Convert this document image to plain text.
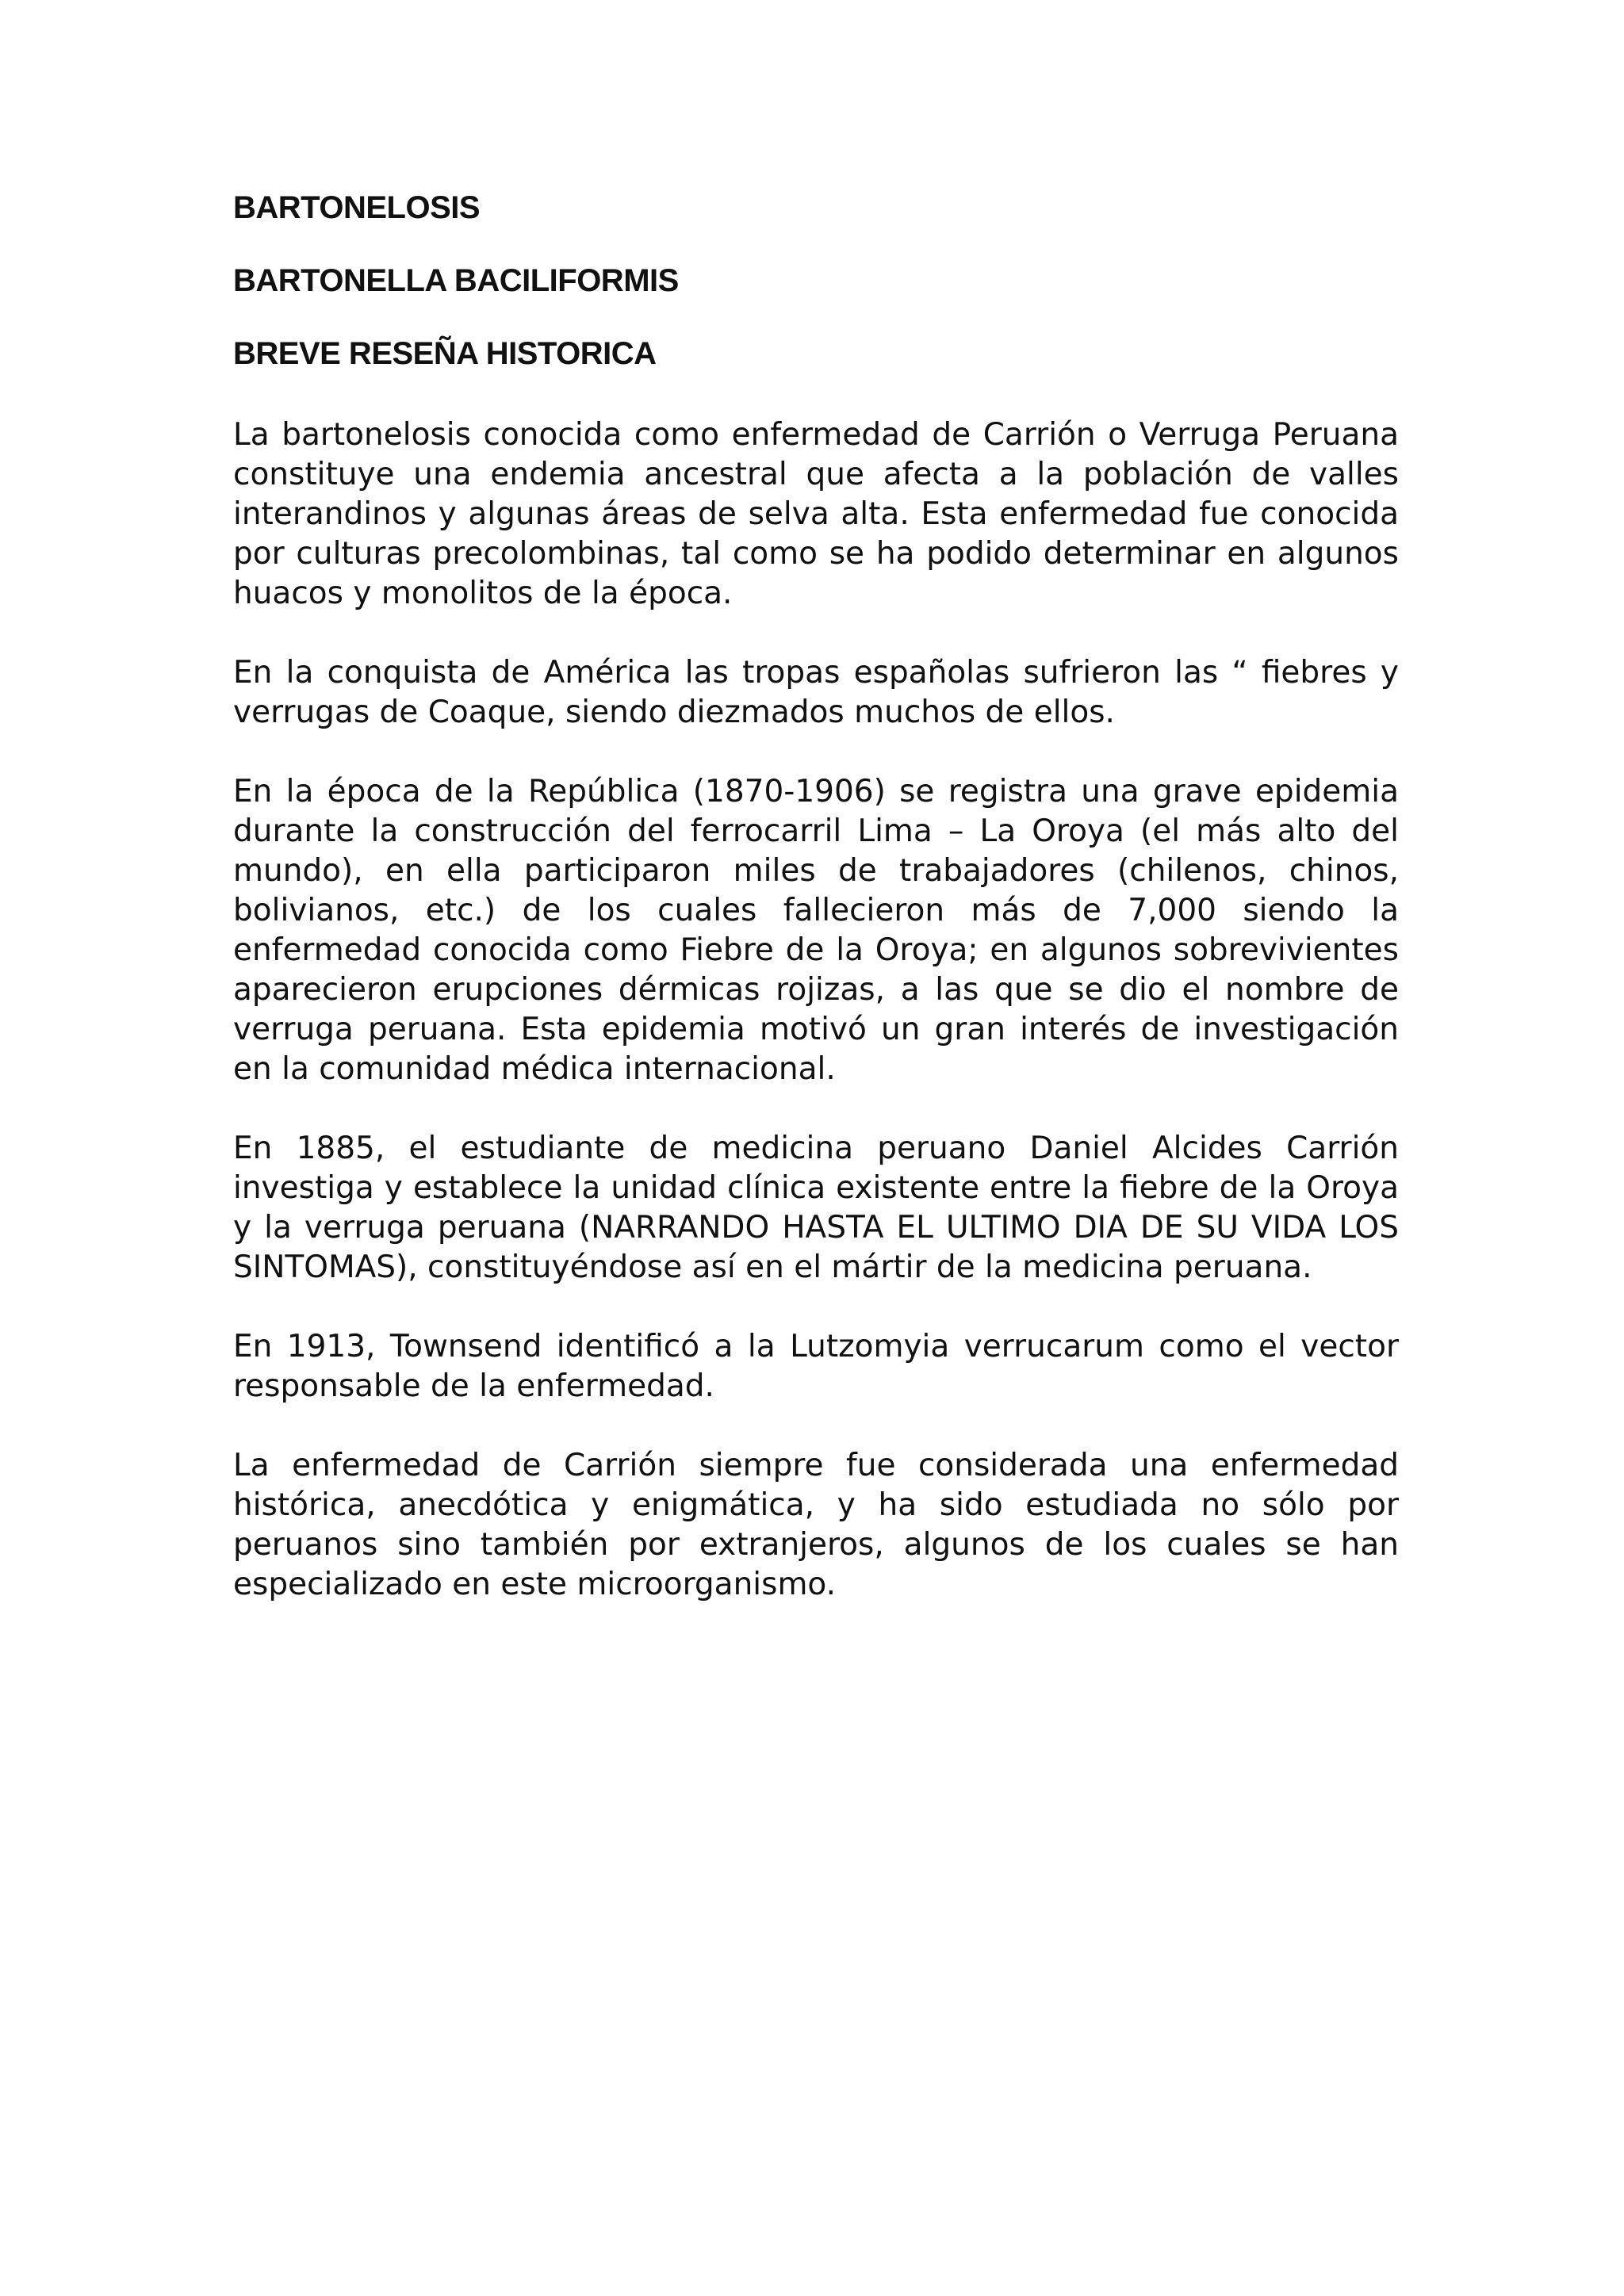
BARTONELOSIS
BARTONELLA BACILIFORMIS
BREVE RESEÑA HISTORICA

La bartonelosis conocida como enfermedad de Carrión o Verruga Peruana constituye una endemia ancestral que afecta a la población de valles interandinos y algunas áreas de selva alta. Esta enfermedad fue conocida por culturas precolombinas, tal como se ha podido determinar en algunos huacos y monolitos de la época.

En la conquista de América las tropas españolas sufrieron las “ fiebres y verrugas de Coaque, siendo diezmados muchos de ellos.

En la época de la República (1870-1906) se registra una grave epidemia durante la construcción del ferrocarril Lima – La Oroya (el más alto del mundo), en ella participaron miles de trabajadores (chilenos, chinos, bolivianos, etc.) de los cuales fallecieron más de 7,000 siendo la enfermedad conocida como Fiebre de la Oroya; en algunos sobrevivientes aparecieron erupciones dérmicas rojizas, a las que se dio el nombre de verruga peruana. Esta epidemia motivó un gran interés de investigación en la comunidad médica internacional.

En 1885, el estudiante de medicina peruano Daniel Alcides Carrión investiga y establece la unidad clínica existente entre la fiebre de la Oroya y la verruga peruana (NARRANDO HASTA EL ULTIMO DIA DE SU VIDA LOS SINTOMAS), constituyéndose así en el mártir de la medicina peruana.

En 1913, Townsend identificó a la Lutzomyia verrucarum como el vector responsable de la enfermedad.

La enfermedad de Carrión siempre fue considerada una enfermedad histórica, anecdótica y enigmática, y ha sido estudiada no sólo por peruanos sino también por extranjeros, algunos de los cuales se han especializado en este microorganismo.
